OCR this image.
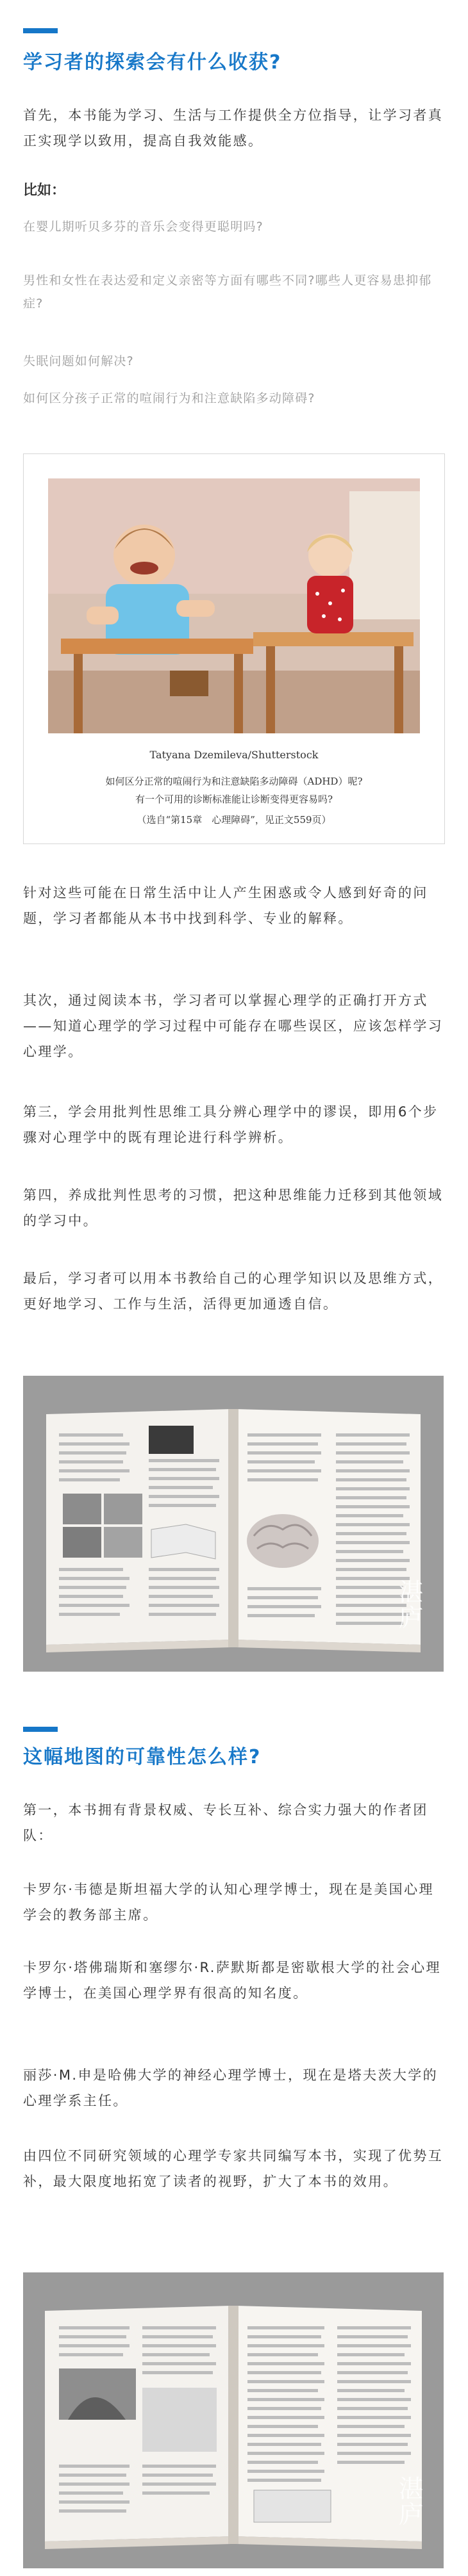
学习者的探索会有什么收获?

首先，本书能为学习、生活与工作提供全方位指导，让学习者真正实现学以致用，提高自我效能感。

比如：

在婴儿期听贝多芬的音乐会变得更聪明吗?

男性和女性在表达爱和定义亲密等方面有哪些不同?哪些人更容易患抑郁症?

失眠问题如何解决?

如何区分孩子正常的喧闹行为和注意缺陷多动障碍?

Tatyana Dzemileva/Shutterstock
如何区分正常的喧闹行为和注意缺陷多动障碍（ADHD）呢?
有一个可用的诊断标准能让诊断变得更容易吗?
（选自“第15章　心理障碍”，见正文559页）

针对这些可能在日常生活中让人产生困惑或令人感到好奇的问题，学习者都能从本书中找到科学、专业的解释。

其次，通过阅读本书，学习者可以掌握心理学的正确打开方式——知道心理学的学习过程中可能存在哪些误区，应该怎样学习心理学。

第三，学会用批判性思维工具分辨心理学中的谬误，即用6个步骤对心理学中的既有理论进行科学辨析。

第四，养成批判性思考的习惯，把这种思维能力迁移到其他领域的学习中。

最后，学习者可以用本书教给自己的心理学知识以及思维方式，更好地学习、工作与生活，活得更加通透自信。

湛庐
这幅地图的可靠性怎么样?

第一，本书拥有背景权威、专长互补、综合实力强大的作者团队：

卡罗尔·韦德是斯坦福大学的认知心理学博士，现在是美国心理学会的教务部主席。

卡罗尔·塔佛瑞斯和塞缪尔·R.萨默斯都是密歇根大学的社会心理学博士，在美国心理学界有很高的知名度。

丽莎·M.申是哈佛大学的神经心理学博士，现在是塔夫茨大学的心理学系主任。

由四位不同研究领域的心理学专家共同编写本书，实现了优势互补，最大限度地拓宽了读者的视野，扩大了本书的效用。

湛庐
